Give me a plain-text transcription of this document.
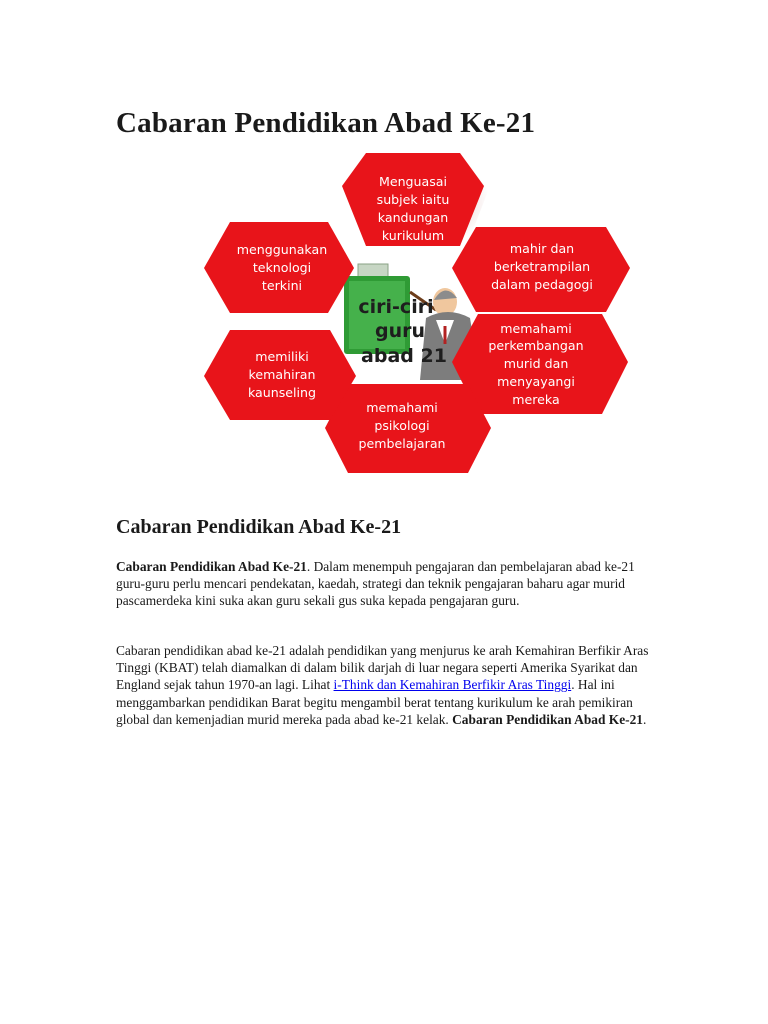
Cabaran Pendidikan Abad Ke-21
ciri-ciri
guru
abad 21
Menguasai
subjek iaitu
kandungan
kurikulum
mahir dan
berketrampilan
dalam pedagogi
memahami
perkembangan
murid dan
menyayangi
mereka
memahami
psikologi
pembelajaran
memiliki
kemahiran
kaunseling
menggunakan
teknologi
terkini
Cabaran Pendidikan Abad Ke-21

Cabaran Pendidikan Abad Ke-21. Dalam menempuh pengajaran dan pembelajaran abad ke-21 guru-guru perlu mencari pendekatan, kaedah, strategi dan teknik pengajaran baharu agar murid pascamerdeka kini suka akan guru sekali gus suka kepada pengajaran guru.

Cabaran pendidikan abad ke-21 adalah pendidikan yang menjurus ke arah Kemahiran Berfikir Aras Tinggi (KBAT) telah diamalkan di dalam bilik darjah di luar negara seperti Amerika Syarikat dan England sejak tahun 1970-an lagi. Lihat i-Think dan Kemahiran Berfikir Aras Tinggi. Hal ini menggambarkan pendidikan Barat begitu mengambil berat tentang kurikulum ke arah pemikiran global dan kemenjadian murid mereka pada abad ke-21 kelak. Cabaran Pendidikan Abad Ke-21.
